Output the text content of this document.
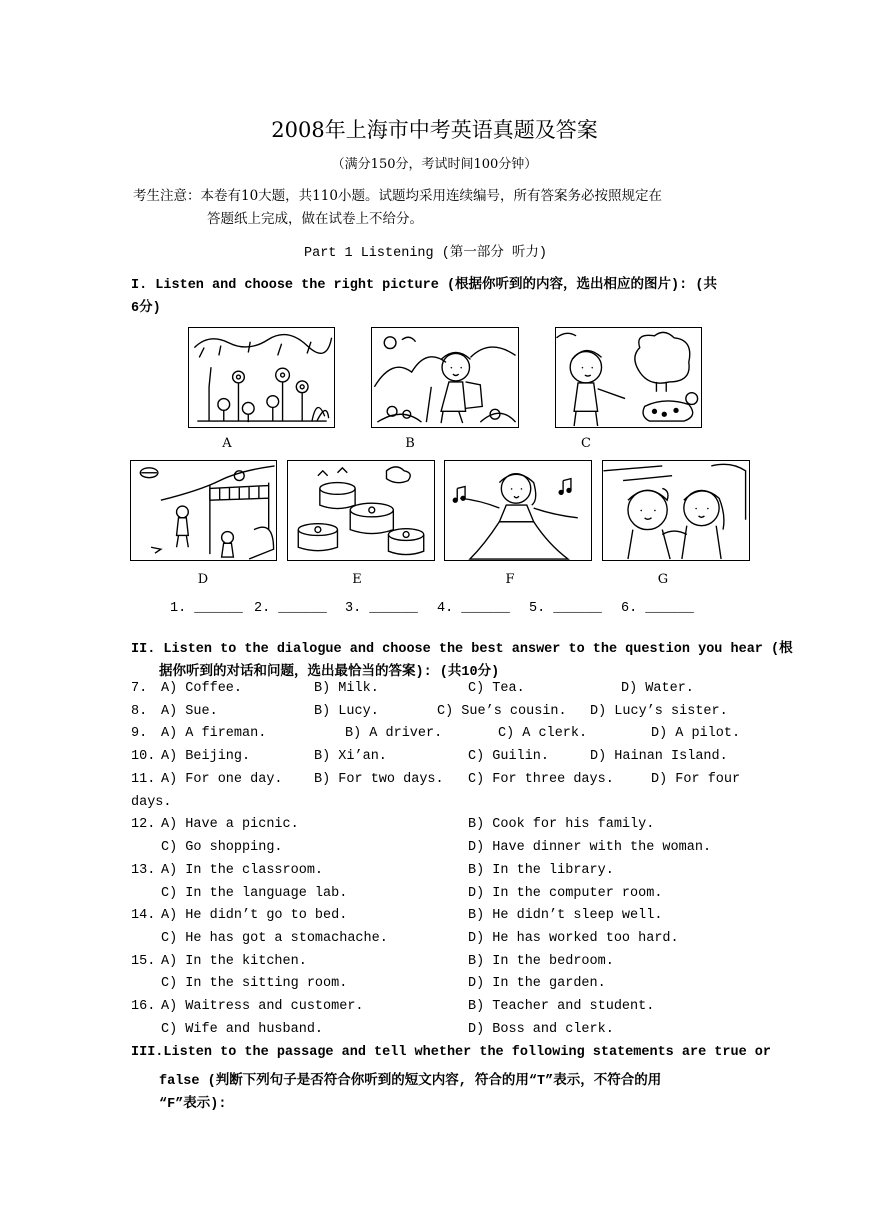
2008年上海市中考英语真题及答案
（满分150分，考试时间100分钟）
考生注意：本卷有10大题，共110小题。试题均采用连续编号，所有答案务必按照规定在
答题纸上完成，做在试卷上不给分。
Part 1 Listening (第一部分 听力)
I. Listen and choose the right picture (根据你听到的内容，选出相应的图片): (共
6分)
A	B	C
D	E	F	G
1. ______ 2. ______ 3. ______ 4. ______ 5. ______ 6. ______
II. Listen to the dialogue and choose the best answer to the question you hear (根
据你听到的对话和问题，选出最恰当的答案): (共10分)
7. A) Coffee.	B) Milk.	C) Tea.	D) Water.
8. A) Sue.	B) Lucy.	C) Sue’s cousin. D) Lucy’s sister.
9. A) A fireman.	B) A driver.	C) A clerk.	D) A pilot.
10. A) Beijing.	B) Xi’an.	C) Guilin.	D) Hainan Island.
11. A) For one day. B) For two days. C) For three days.	D) For four
days.
12. A) Have a picnic.	B) Cook for his family.
C) Go shopping.	D) Have dinner with the woman.
13. A) In the classroom.	B) In the library.
C) In the language lab.	D) In the computer room.
14. A) He didn’t go to bed.	B) He didn’t sleep well.
C) He has got a stomachache.	D) He has worked too hard.
15. A) In the kitchen.	B) In the bedroom.
C) In the sitting room.	D) In the garden.
16. A) Waitress and customer.	B) Teacher and student.
C) Wife and husband.	D) Boss and clerk.
III.Listen to the passage and tell whether the following statements are true or
false (判断下列句子是否符合你听到的短文内容, 符合的用“T”表示，不符合的用
“F”表示):
